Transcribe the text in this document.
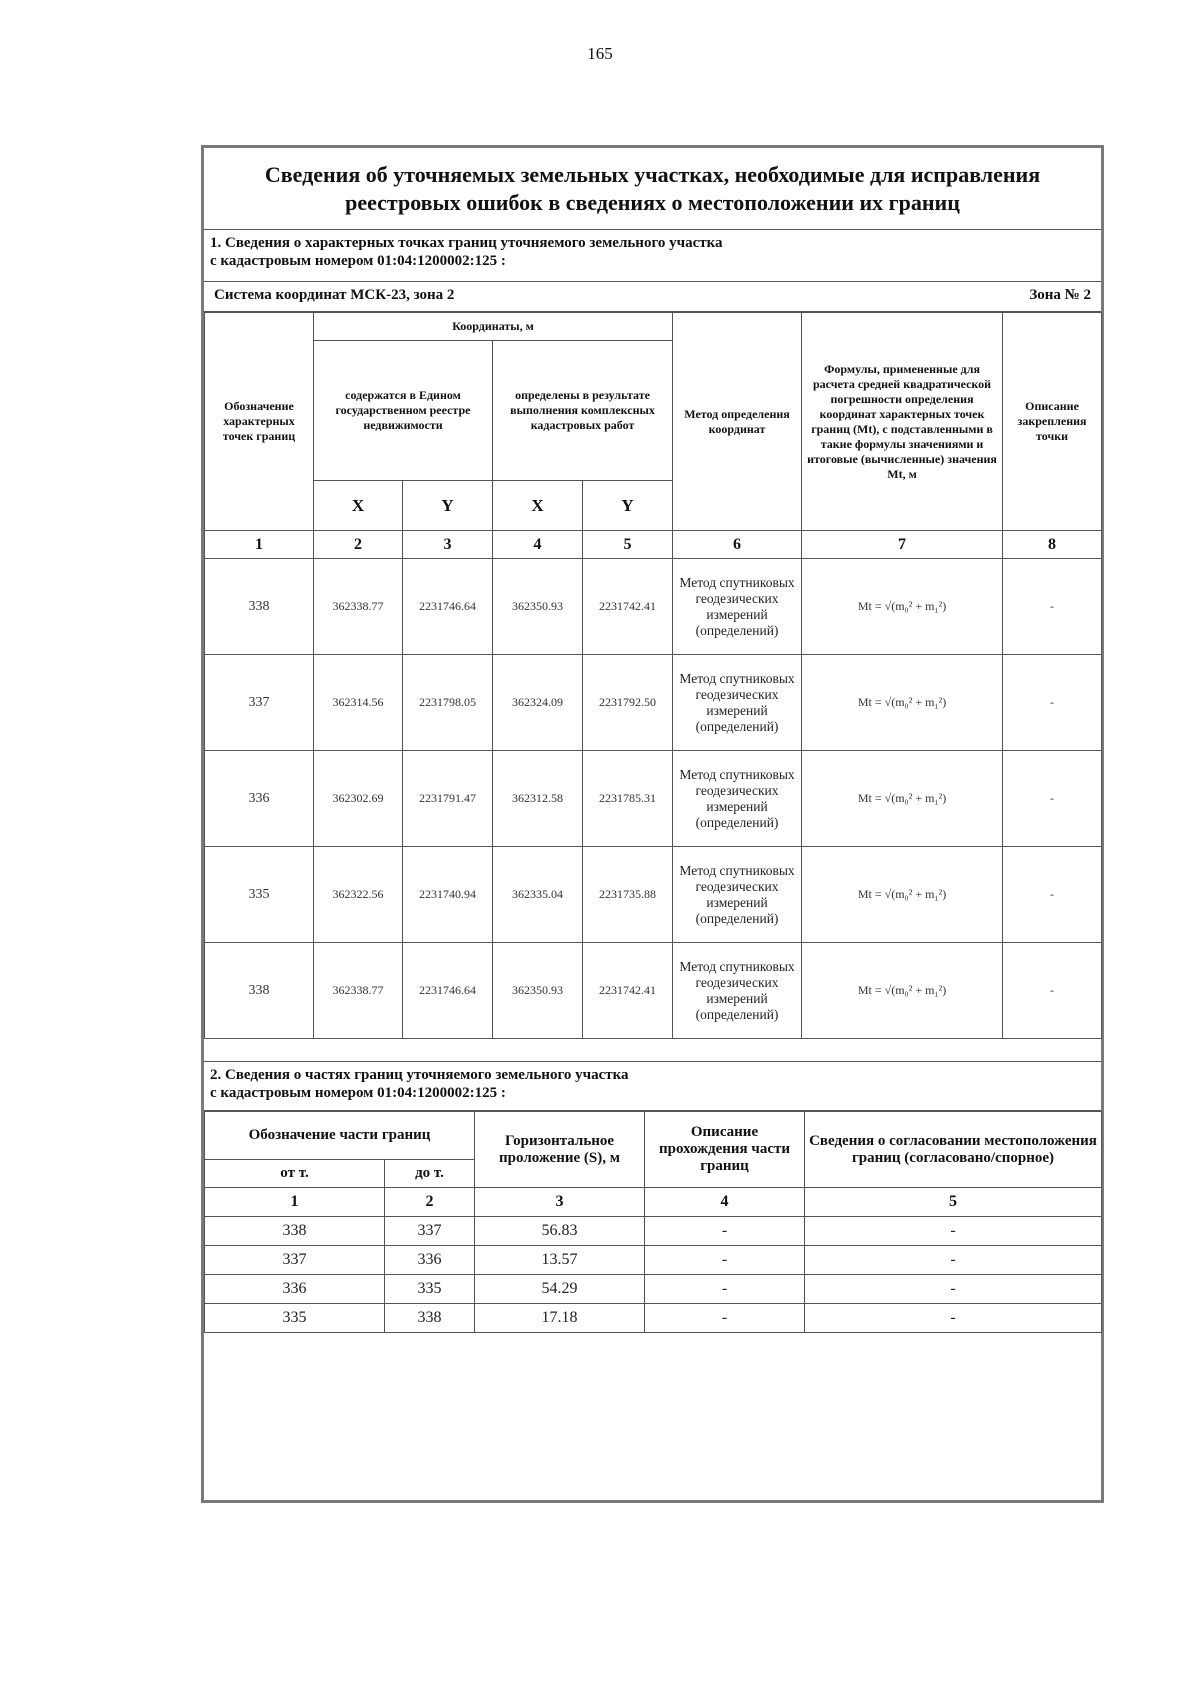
165
Сведения об уточняемых земельных участках, необходимые для исправления реестровых ошибок в сведениях о местоположении их границ
1. Сведения о характерных точках границ уточняемого земельного участка
с кадастровым номером 01:04:1200002:125 :
Система координат МСК-23, зона 2	Зона № 2
Обозначение характерных точек границ	Координаты, м				Метод определения координат	Формулы, примененные для расчета средней квадратической погрешности определения координат характерных точек границ (Mt), с подставленными в такие формулы значениями и итоговые (вычисленные) значения Mt, м	Описание закрепления точки
	содержатся в Едином государственном реестре недвижимости		определены в результате выполнения комплексных кадастровых работ				
	X	Y	X	Y			
1	2	3	4	5	6	7	8
338	362338.77	2231746.64	362350.93	2231742.41	Метод спутниковых геодезических измерений (определений)	Mt = √(m₀² + m₁²)	-
337	362314.56	2231798.05	362324.09	2231792.50	Метод спутниковых геодезических измерений (определений)	Mt = √(m₀² + m₁²)	-
336	362302.69	2231791.47	362312.58	2231785.31	Метод спутниковых геодезических измерений (определений)	Mt = √(m₀² + m₁²)	-
335	362322.56	2231740.94	362335.04	2231735.88	Метод спутниковых геодезических измерений (определений)	Mt = √(m₀² + m₁²)	-
338	362338.77	2231746.64	362350.93	2231742.41	Метод спутниковых геодезических измерений (определений)	Mt = √(m₀² + m₁²)	-
2. Сведения о частях границ уточняемого земельного участка
с кадастровым номером 01:04:1200002:125 :
Обозначение части границ		Горизонтальное проложение (S), м	Описание прохождения части границ	Сведения о согласовании местоположения границ (согласовано/спорное)
от т.	до т.			
1	2	3	4	5
338	337	56.83	-	-
337	336	13.57	-	-
336	335	54.29	-	-
335	338	17.18	-	-
